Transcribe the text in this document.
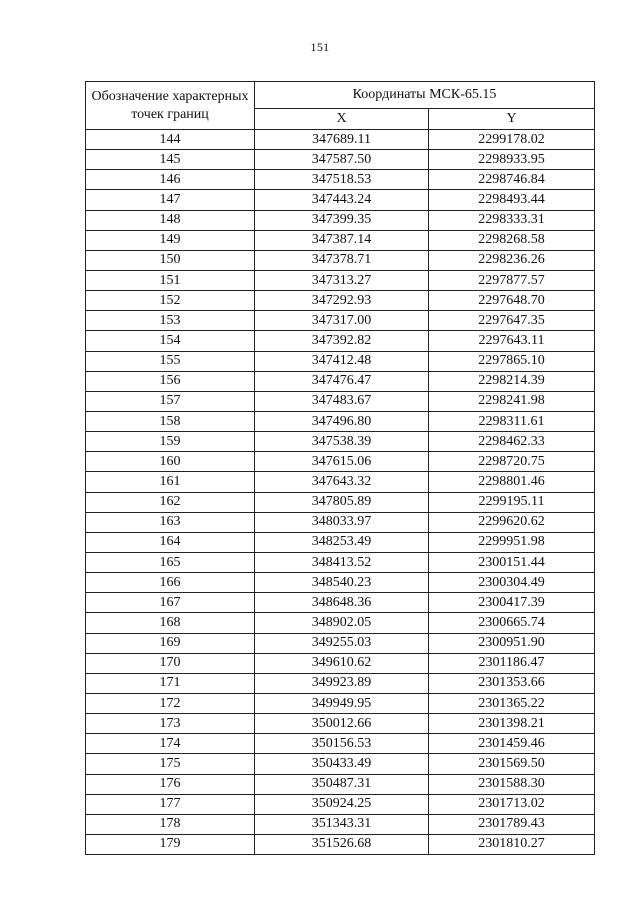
151
Обозначение характерных точек границ	Координаты МСК-65.15	
	X	Y
144	347689.11	2299178.02
145	347587.50	2298933.95
146	347518.53	2298746.84
147	347443.24	2298493.44
148	347399.35	2298333.31
149	347387.14	2298268.58
150	347378.71	2298236.26
151	347313.27	2297877.57
152	347292.93	2297648.70
153	347317.00	2297647.35
154	347392.82	2297643.11
155	347412.48	2297865.10
156	347476.47	2298214.39
157	347483.67	2298241.98
158	347496.80	2298311.61
159	347538.39	2298462.33
160	347615.06	2298720.75
161	347643.32	2298801.46
162	347805.89	2299195.11
163	348033.97	2299620.62
164	348253.49	2299951.98
165	348413.52	2300151.44
166	348540.23	2300304.49
167	348648.36	2300417.39
168	348902.05	2300665.74
169	349255.03	2300951.90
170	349610.62	2301186.47
171	349923.89	2301353.66
172	349949.95	2301365.22
173	350012.66	2301398.21
174	350156.53	2301459.46
175	350433.49	2301569.50
176	350487.31	2301588.30
177	350924.25	2301713.02
178	351343.31	2301789.43
179	351526.68	2301810.27
